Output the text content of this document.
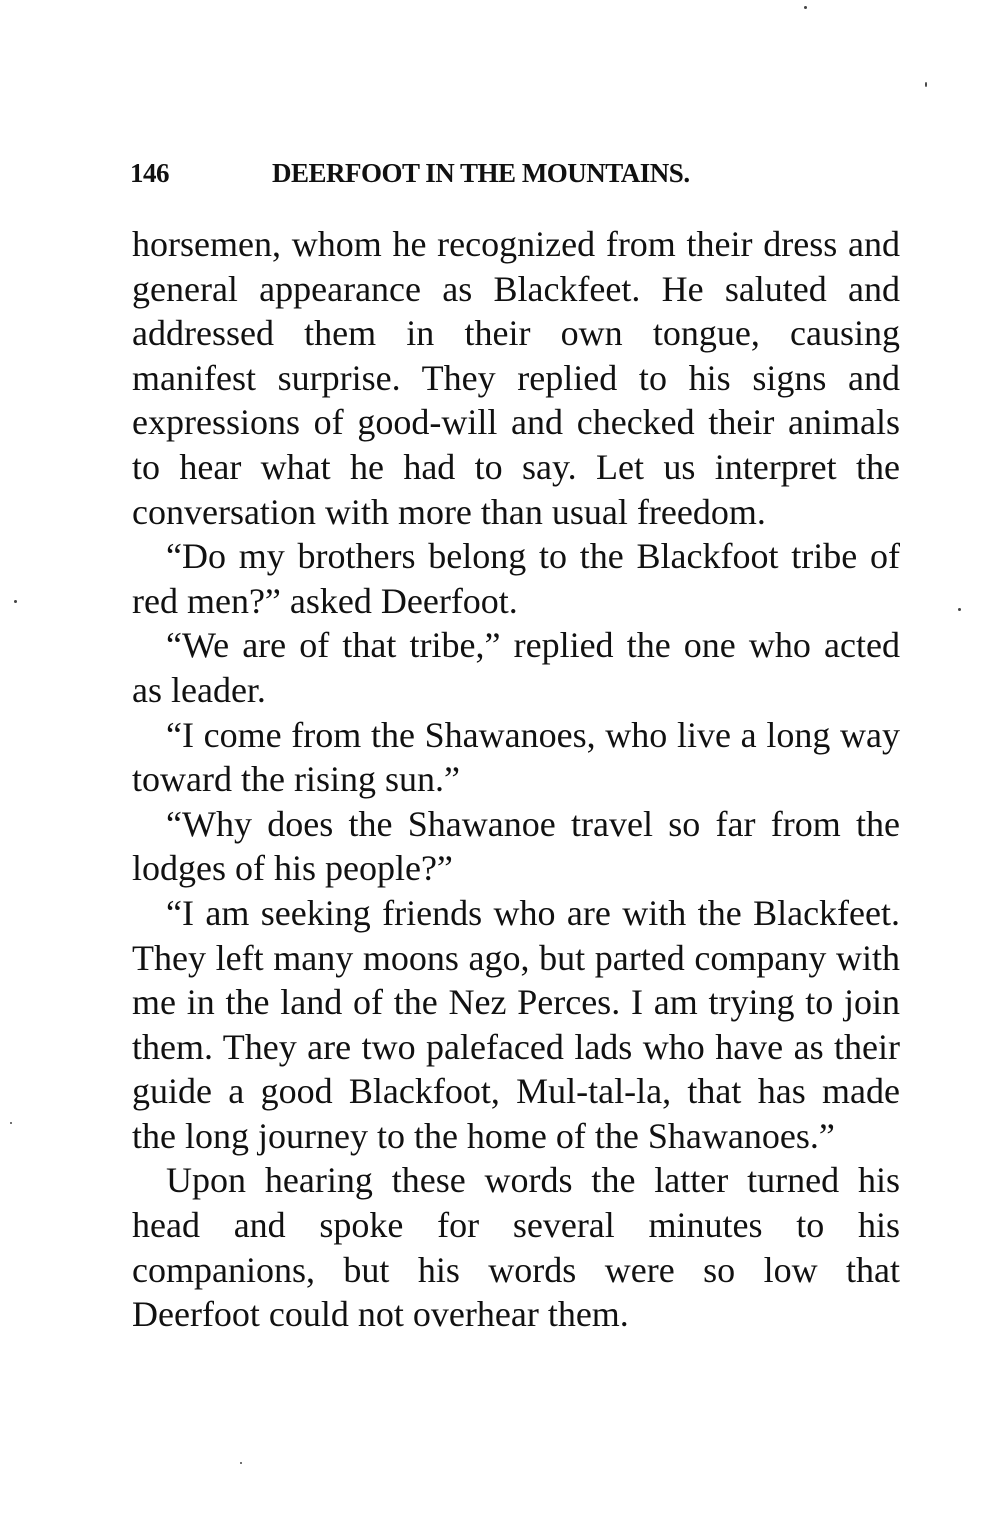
146	DEERFOOT IN THE MOUNTAINS.

horsemen, whom he recognized from their dress and general appearance as Blackfeet. He saluted and addressed them in their own tongue, causing manifest surprise. They replied to his signs and expressions of good-will and checked their animals to hear what he had to say. Let us interpret the conversation with more than usual freedom.

“Do my brothers belong to the Blackfoot tribe of red men?” asked Deerfoot.

“We are of that tribe,” replied the one who acted as leader.

“I come from the Shawanoes, who live a long way toward the rising sun.”

“Why does the Shawanoe travel so far from the lodges of his people?”

“I am seeking friends who are with the Blackfeet. They left many moons ago, but parted company with me in the land of the Nez Perces. I am trying to join them. They are two palefaced lads who have as their guide a good Blackfoot, Mul-tal-la, that has made the long journey to the home of the Shawanoes.”

Upon hearing these words the latter turned his head and spoke for several minutes to his companions, but his words were so low that Deerfoot could not overhear them.
